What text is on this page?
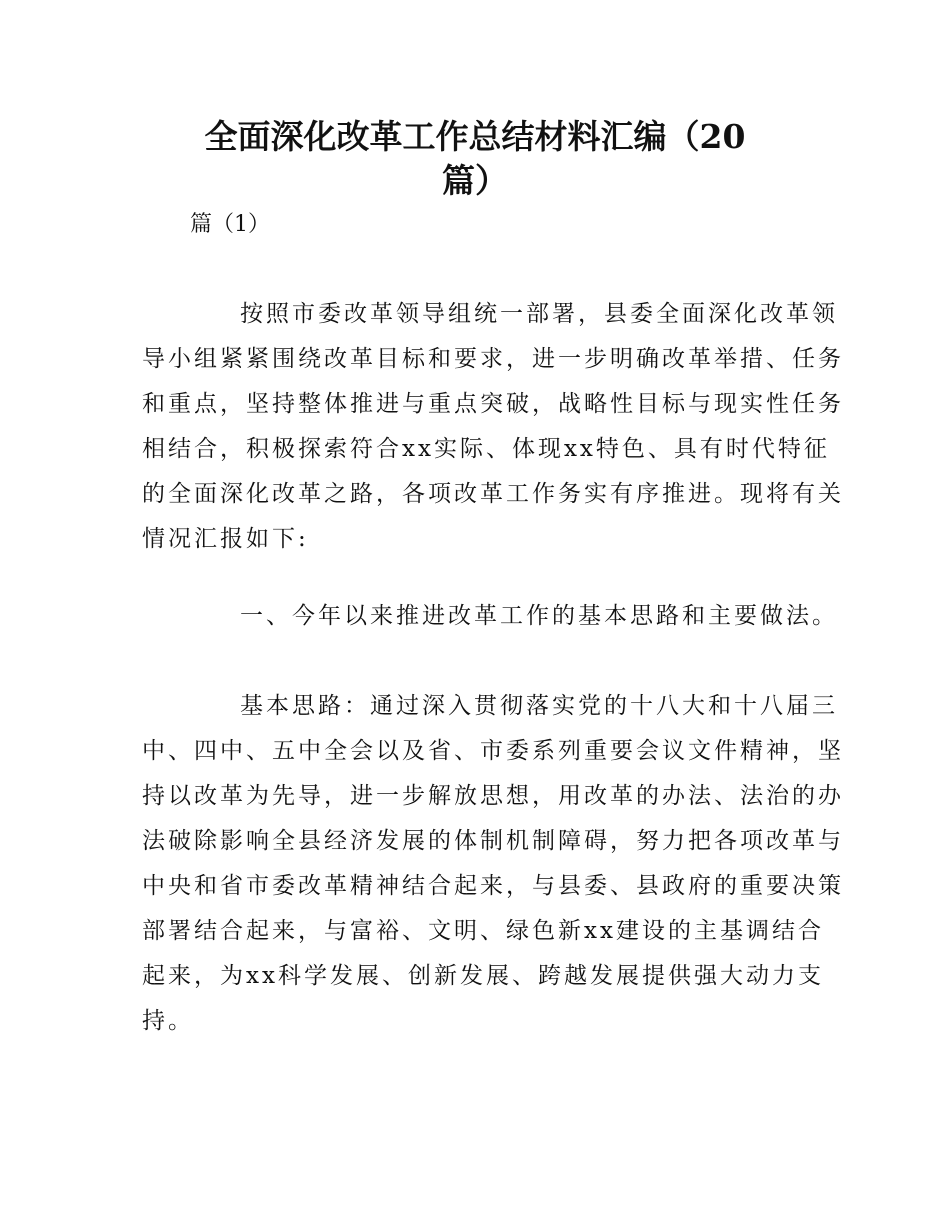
全面深化改革工作总结材料汇编（20
篇）
篇（1）
按照市委改革领导组统一部署，县委全面深化改革领
导小组紧紧围绕改革目标和要求，进一步明确改革举措、任务
和重点，坚持整体推进与重点突破，战略性目标与现实性任务
相结合，积极探索符合xx实际、体现xx特色、具有时代特征
的全面深化改革之路，各项改革工作务实有序推进。现将有关
情况汇报如下:
一、今年以来推进改革工作的基本思路和主要做法。
基本思路：通过深入贯彻落实党的十八大和十八届三
中、四中、五中全会以及省、市委系列重要会议文件精神，坚
持以改革为先导，进一步解放思想，用改革的办法、法治的办
法破除影响全县经济发展的体制机制障碍，努力把各项改革与
中央和省市委改革精神结合起来，与县委、县政府的重要决策
部署结合起来，与富裕、文明、绿色新xx建设的主基调结合
起来，为xx科学发展、创新发展、跨越发展提供强大动力支
持。
